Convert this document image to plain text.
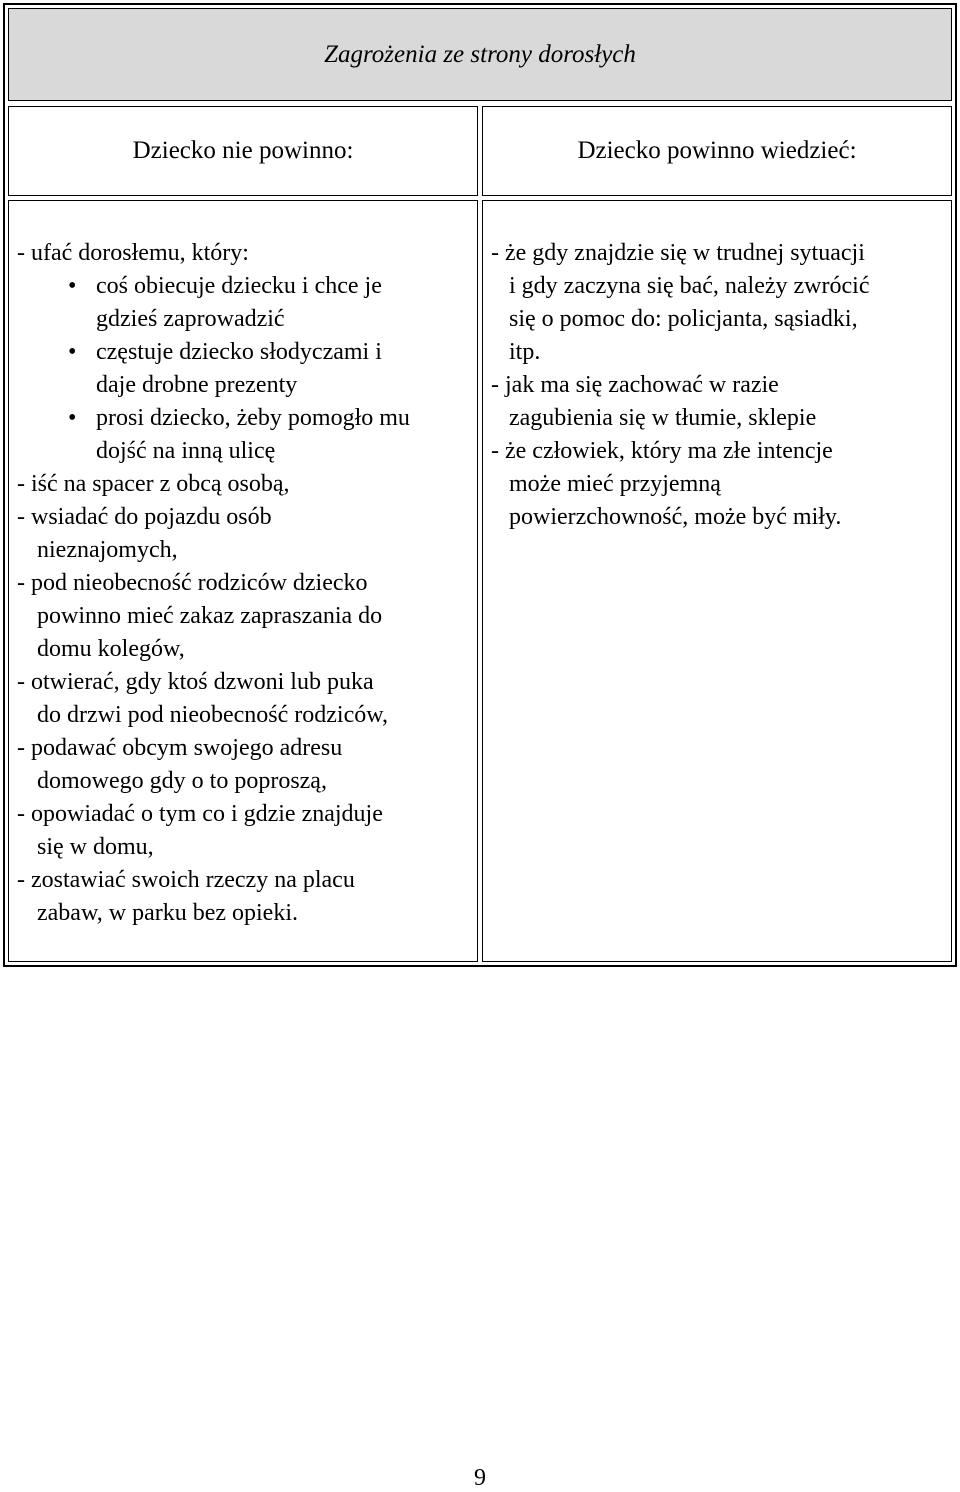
Zagrożenia ze strony dorosłych
Dziecko nie powinno:	Dziecko powinno wiedzieć:
- ufać dorosłemu, który:
• coś obiecuje dziecku i chce je
gdzieś zaprowadzić
• częstuje dziecko słodyczami i
daje drobne prezenty
• prosi dziecko, żeby pomogło mu
dojść na inną ulicę
- iść na spacer z obcą osobą,
- wsiadać do pojazdu osób
nieznajomych,
- pod nieobecność rodziców dziecko
powinno mieć zakaz zapraszania do
domu kolegów,
- otwierać, gdy ktoś dzwoni lub puka
do drzwi pod nieobecność rodziców,
- podawać obcym swojego adresu
domowego gdy o to poproszą,
- opowiadać o tym co i gdzie znajduje
się w domu,
- zostawiać swoich rzeczy na placu
zabaw, w parku bez opieki.
- że gdy znajdzie się w trudnej sytuacji
i gdy zaczyna się bać, należy zwrócić
się o pomoc do: policjanta, sąsiadki,
itp.
- jak ma się zachować w razie
zagubienia się w tłumie, sklepie
- że człowiek, który ma złe intencje
może mieć przyjemną
powierzchowność, może być miły.
9
